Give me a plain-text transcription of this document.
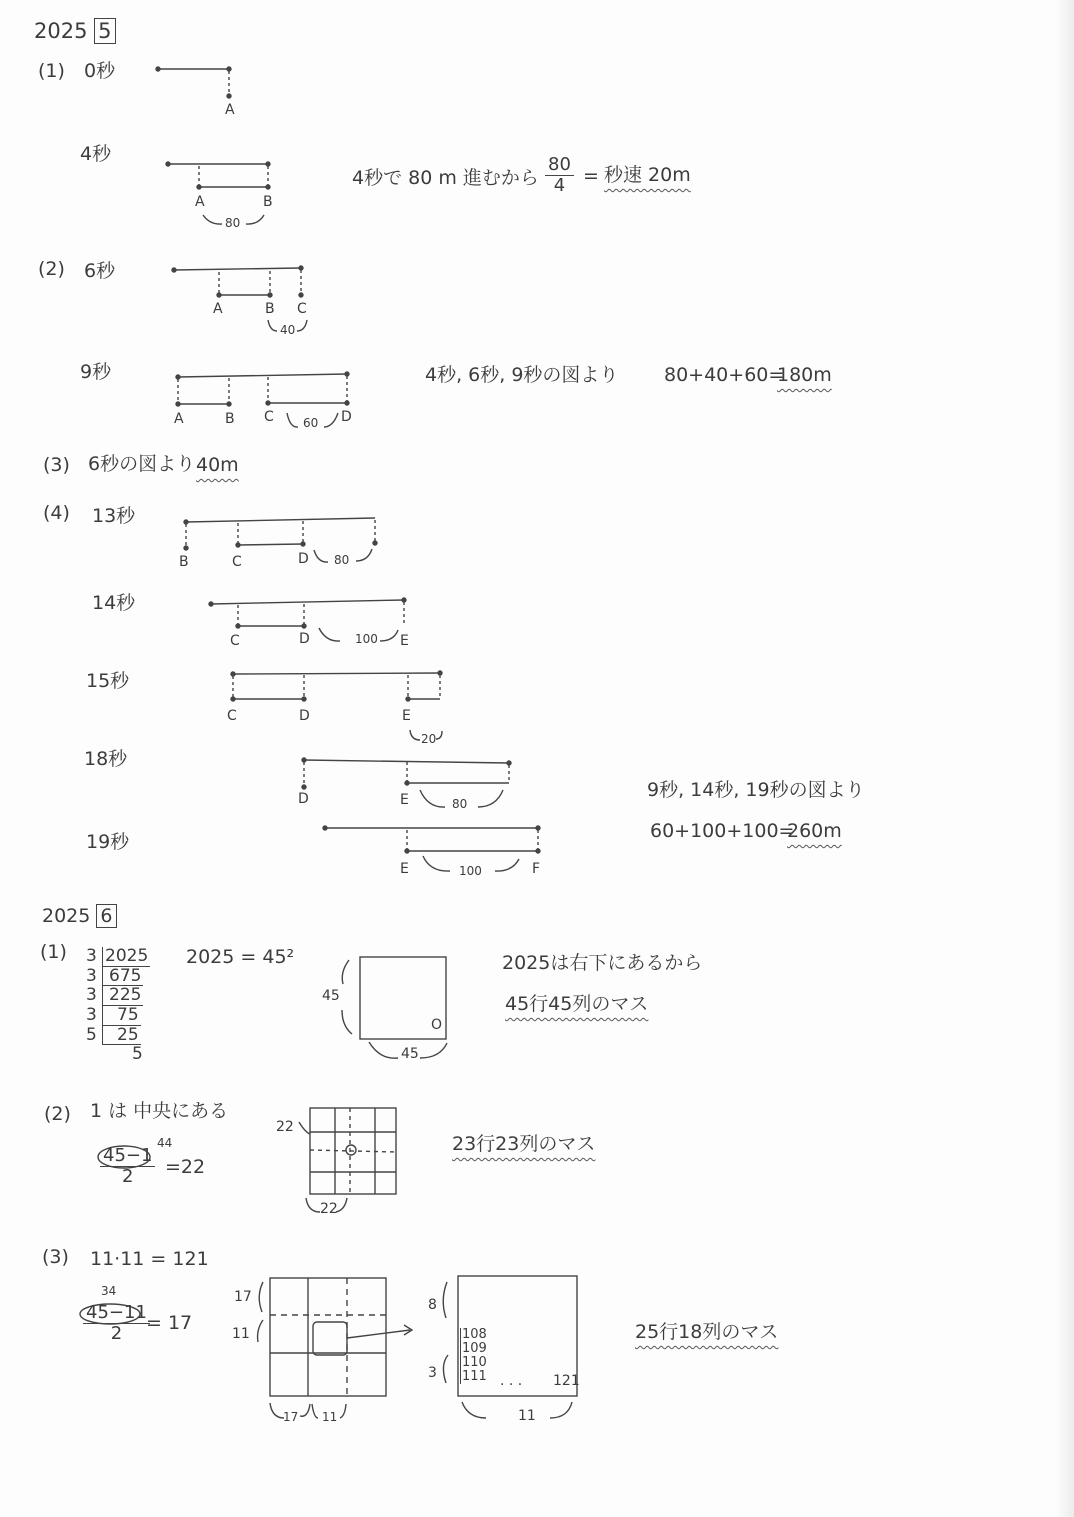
2025 5
(1) 0秒
A
4秒
A	B
80
4秒で 80 m 進むから $\frac{80}{4}$ = 秒速 20m
(2) 6秒
A	B C
40
9秒
A	B C 60 D
4秒, 6秒, 9秒の図より 80+40+60=
180m
(3) 6秒の図より 40m
(4) 13秒
B	C	D 80
14秒
C	D	100 E
15秒
C	D	E
20
18秒
D	E	80
19秒
E	100	F
9秒, 14秒, 19秒の図より
60+100+100=
260m
2025 6
(1) 3 2025
3 675
3 225
3	75
5	25
5
2025 = 45²
45
45
O
2025は右下にあるから
45行45列のマス
(2) 1 は 中央にある
44
$\frac{45-1}{2} =22$
22
22
23行23列のマス
(3) 11·11 = 121
34
$\frac{45-11}{2}$
= 17
17
11
17 11
8
3
108
109
110
111
· · · 121
11
25行18列のマス
